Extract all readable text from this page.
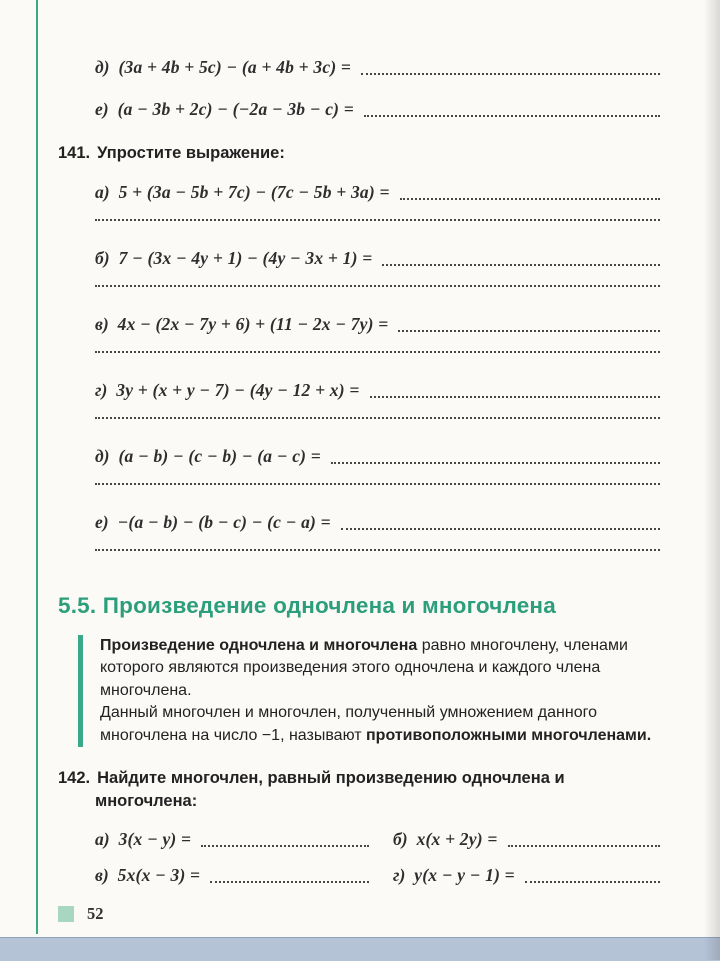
д) (3a + 4b + 5c) − (a + 4b + 3c) =
е) (a − 3b + 2c) − (−2a − 3b − c) =
141. Упростите выражение:
а) 5 + (3a − 5b + 7c) − (7c − 5b + 3a) =
б) 7 − (3x − 4y + 1) − (4y − 3x + 1) =
в) 4x − (2x − 7y + 6) + (11 − 2x − 7y) =
г) 3y + (x + y − 7) − (4y − 12 + x) =
д) (a − b) − (c − b) − (a − c) =
е) −(a − b) − (b − c) − (c − a) =
5.5. Произведение одночлена и многочлена

Произведение одночлена и многочлена равно многочлену, членами которого являются произведения этого одночлена и каждого члена многочлена.

Данный многочлен и многочлен, полученный умножением данного многочлена на число −1, называют противоположными многочленами.

142. Найдите многочлен, равный произведению одночлена и многочлена:
а) 3(x − y) =	б) x(x + 2y) =
в) 5x(x − 3) =	г) y(x − y − 1) =
52
